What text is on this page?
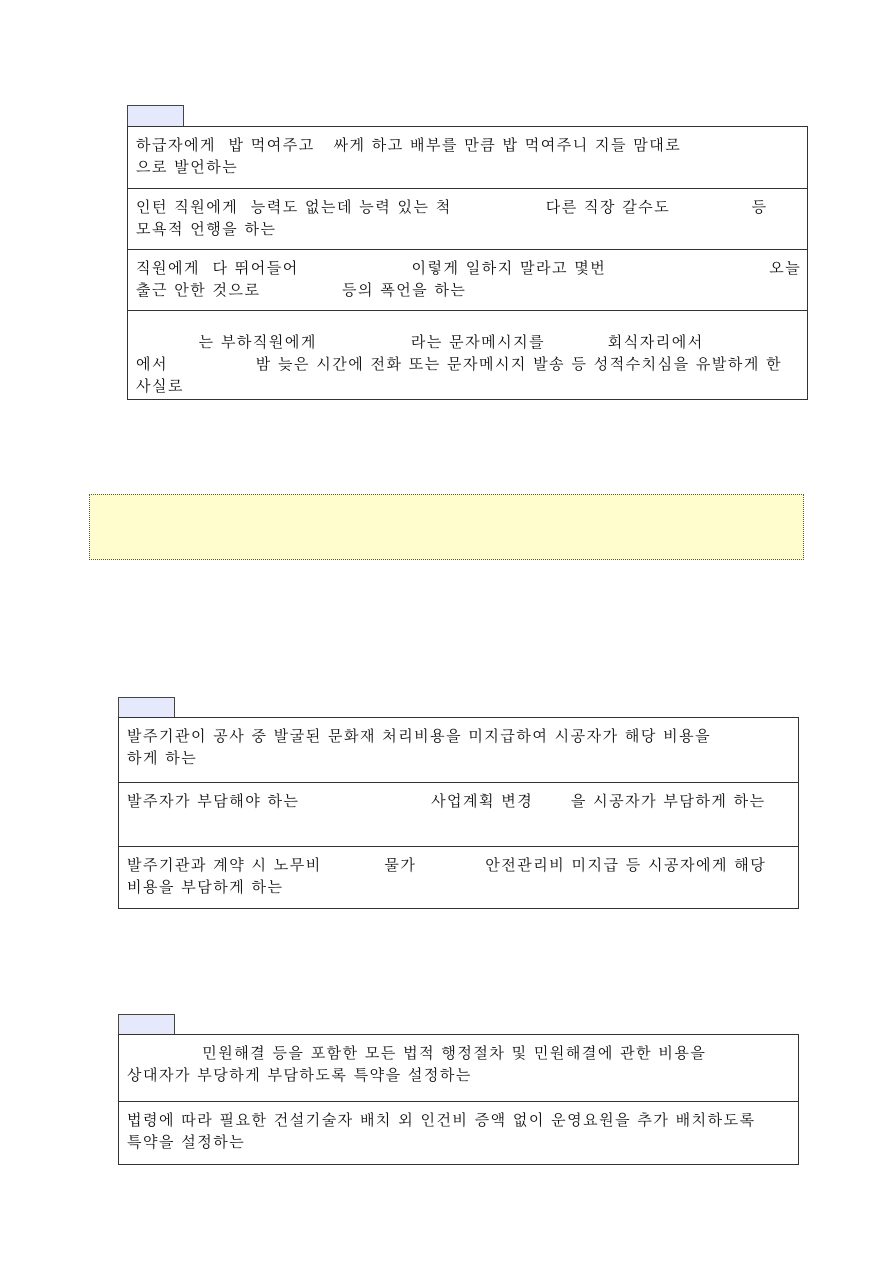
하급자에게  밥 먹여주고   싸게 하고 배부를 만큼 밥 먹여주니 지들 맘대로
으로 발언하는
인턴 직원에게  능력도 없는데 능력 있는 척               다른 직장 갈수도             등
모욕적 언행을 하는
직원에게  다 뛰어들어                  이렇게 일하지 말라고 몇번                          오늘
출근 안한 것으로             등의 폭언을 하는
는 부하직원에게               라는 문자메시지를          회식자리에서
에서              밤 늦은 시간에 전화 또는 문자메시지 발송 등 성적수치심을 유발하게 한
사실로
발주기관이 공사 중 발굴된 문화재 처리비용을 미지급하여 시공자가 해당 비용을
하게 하는
발주자가 부담해야 하는                     사업계획 변경      을 시공자가 부담하게 하는
발주기관과 계약 시 노무비          물가           안전관리비 미지급 등 시공자에게 해당
비용을 부담하게 하는
민원해결 등을 포함한 모든 법적 행정절차 및 민원해결에 관한 비용을
상대자가 부당하게 부담하도록 특약을 설정하는
법령에 따라 필요한 건설기술자 배치 외 인건비 증액 없이 운영요원을 추가 배치하도록
특약을 설정하는
